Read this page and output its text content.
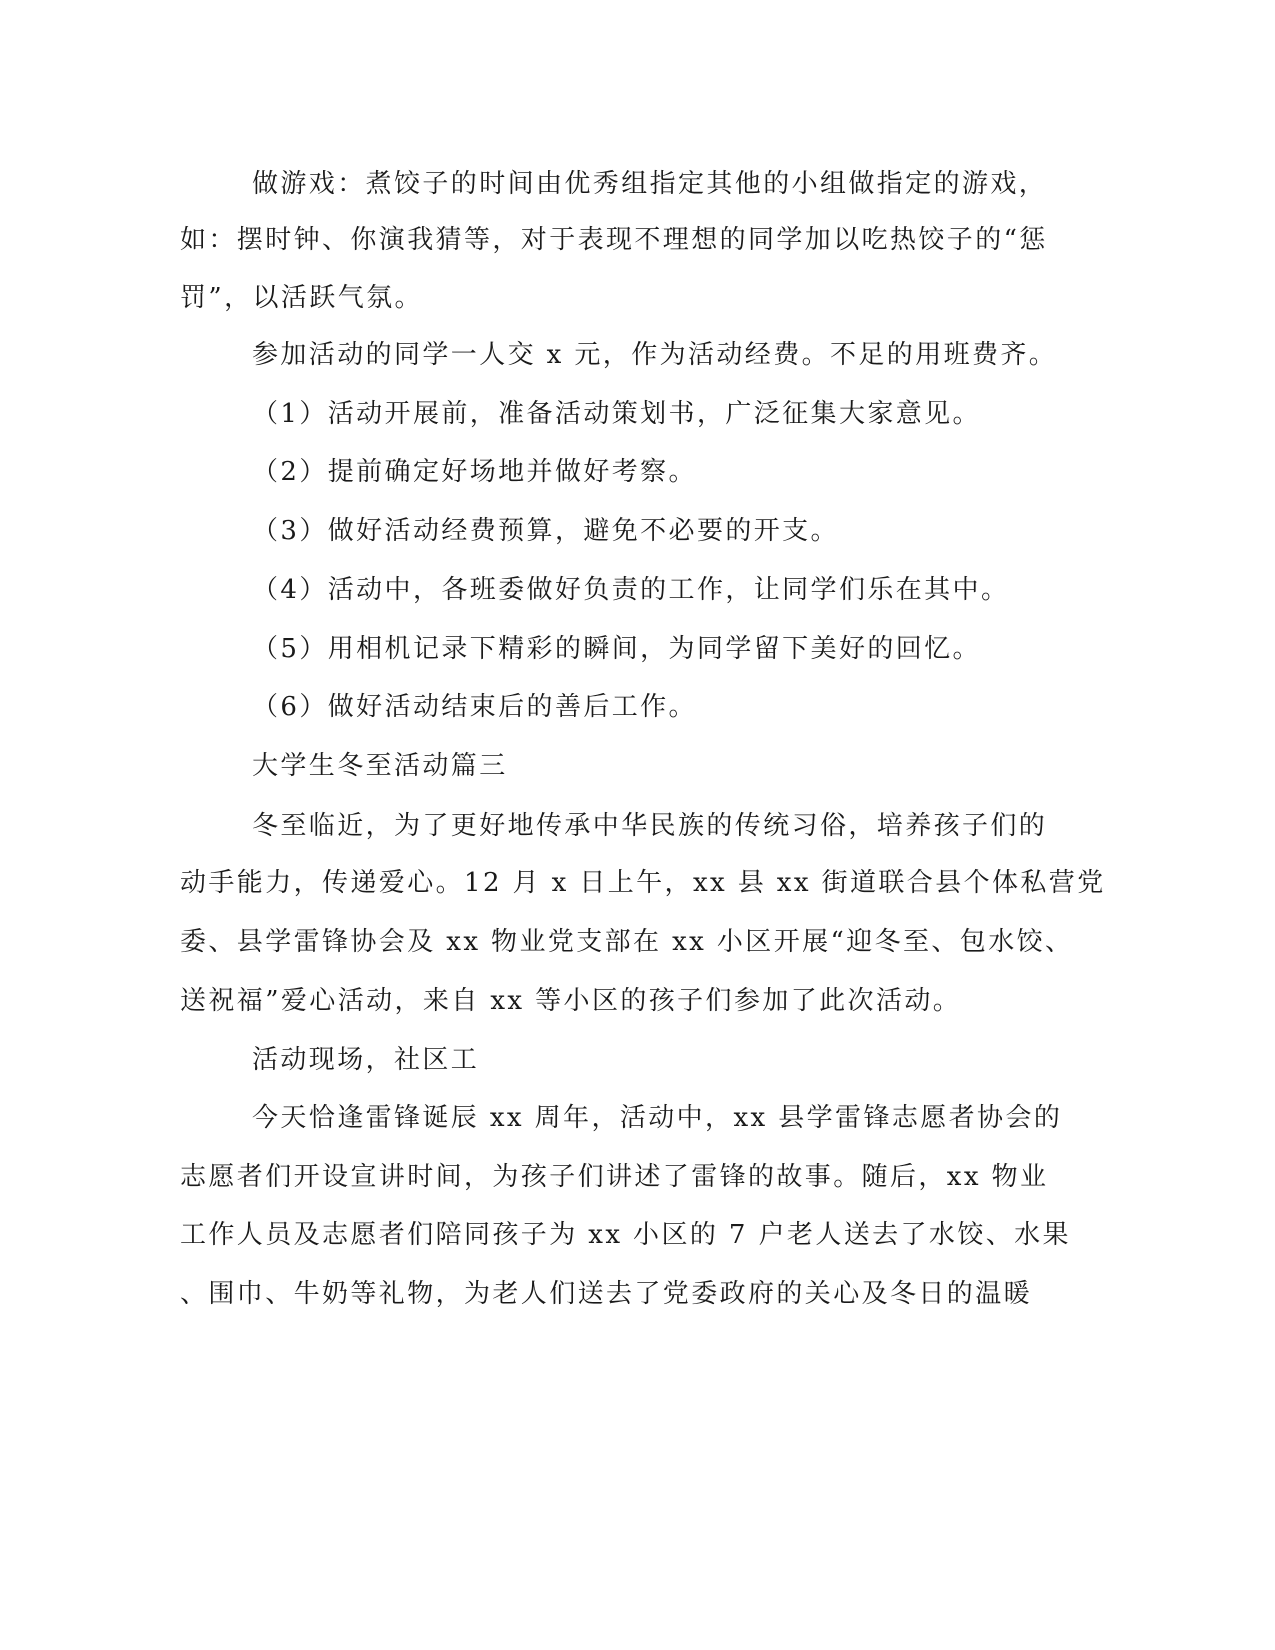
做游戏：煮饺子的时间由优秀组指定其他的小组做指定的游戏，
如：摆时钟、你演我猜等，对于表现不理想的同学加以吃热饺子的“惩
罚”，以活跃气氛。
参加活动的同学一人交 x 元，作为活动经费。不足的用班费齐。
（1）活动开展前，准备活动策划书，广泛征集大家意见。
（2）提前确定好场地并做好考察。
（3）做好活动经费预算，避免不必要的开支。
（4）活动中，各班委做好负责的工作，让同学们乐在其中。
（5）用相机记录下精彩的瞬间，为同学留下美好的回忆。
（6）做好活动结束后的善后工作。
大学生冬至活动篇三
冬至临近，为了更好地传承中华民族的传统习俗，培养孩子们的
动手能力，传递爱心。12 月 x 日上午，xx 县 xx 街道联合县个体私营党
委、县学雷锋协会及 xx 物业党支部在 xx 小区开展“迎冬至、包水饺、
送祝福”爱心活动，来自 xx 等小区的孩子们参加了此次活动。
活动现场，社区工
今天恰逢雷锋诞辰 xx 周年，活动中，xx 县学雷锋志愿者协会的
志愿者们开设宣讲时间，为孩子们讲述了雷锋的故事。随后，xx 物业
工作人员及志愿者们陪同孩子为 xx 小区的 7 户老人送去了水饺、水果
、围巾、牛奶等礼物，为老人们送去了党委政府的关心及冬日的温暖
